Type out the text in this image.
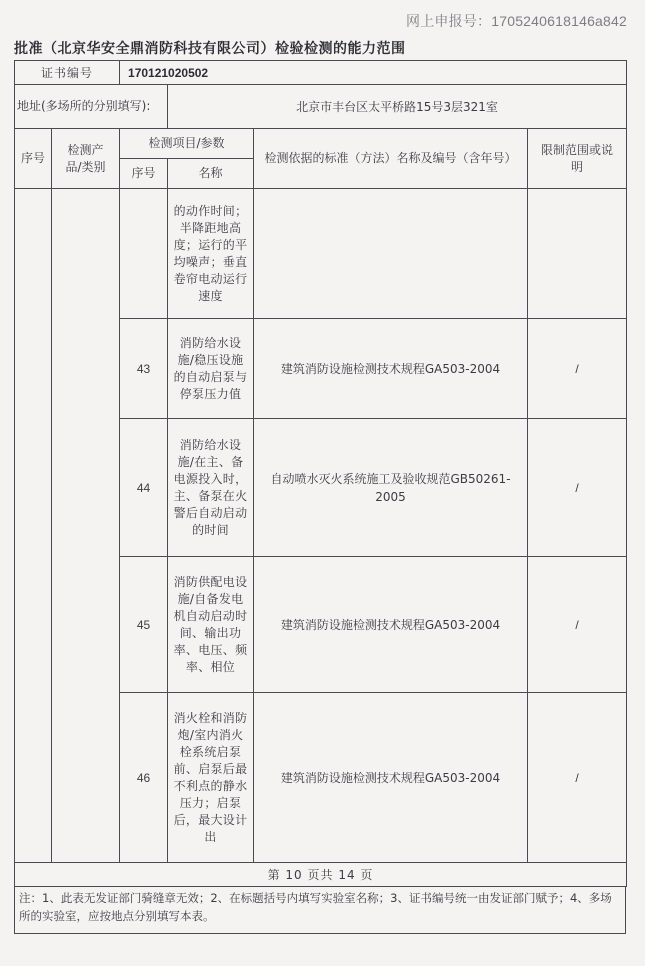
网上申报号：1705240618146a842
批准（北京华安全鼎消防科技有限公司）检验检测的能力范围
证书编号		170121020502			
地址(多场所的分别填写):			北京市丰台区太平桥路15号3层321室		
序号	检测产品/类别	检测项目/参数		检测依据的标准（方法）名称及编号（含年号）	限制范围或说明
		序号	名称		
			的动作时间；半降距地高度；运行的平均噪声；垂直卷帘电动运行速度		
		43	消防给水设施/稳压设施的自动启泵与停泵压力值	建筑消防设施检测技术规程GA503-2004	/
		44	消防给水设施/在主、备电源投入时，主、备泵在火警后自动启动的时间	自动喷水灭火系统施工及验收规范GB50261-2005	/
		45	消防供配电设施/自备发电机自动启动时间、输出功率、电压、频率、相位	建筑消防设施检测技术规程GA503-2004	/
		46	消火栓和消防炮/室内消火栓系统启泵前、启泵后最不利点的静水压力；启泵后，最大设计出	建筑消防设施检测技术规程GA503-2004	/
第 10 页共 14 页					
注：1、此表无发证部门骑缝章无效；2、在标题括号内填写实验室名称；3、证书编号统一由发证部门赋予；4、多场所的实验室，应按地点分别填写本表。
